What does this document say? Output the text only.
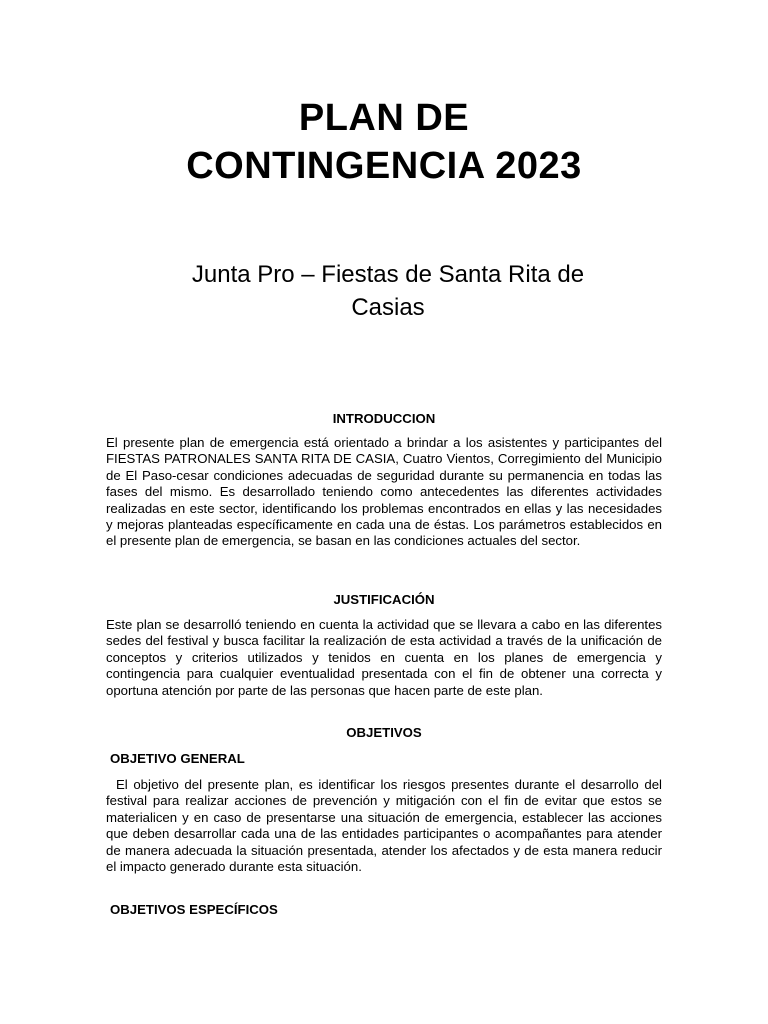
PLAN DE
CONTINGENCIA 2023
Junta Pro – Fiestas de Santa Rita de
Casias
INTRODUCCION

El presente plan de emergencia está orientado a brindar a los asistentes y participantes del FIESTAS PATRONALES SANTA RITA DE CASIA, Cuatro Vientos, Corregimiento del Municipio de El Paso-cesar condiciones adecuadas de seguridad durante su permanencia en todas las fases del mismo. Es desarrollado teniendo como antecedentes las diferentes actividades realizadas en este sector, identificando los problemas encontrados en ellas y las necesidades y mejoras planteadas específicamente en cada una de éstas. Los parámetros establecidos en el presente plan de emergencia, se basan en las condiciones actuales del sector.

JUSTIFICACIÓN

Este plan se desarrolló teniendo en cuenta la actividad que se llevara a cabo en las diferentes sedes del festival y busca facilitar la realización de esta actividad a través de la unificación de conceptos y criterios utilizados y tenidos en cuenta en los planes de emergencia y contingencia para cualquier eventualidad presentada con el fin de obtener una correcta y oportuna atención por parte de las personas que hacen parte de este plan.

OBJETIVOS
OBJETIVO GENERAL

El objetivo del presente plan, es identificar los riesgos presentes durante el desarrollo del festival para realizar acciones de prevención y mitigación con el fin de evitar que estos se materialicen y en caso de presentarse una situación de emergencia, establecer las acciones que deben desarrollar cada una de las entidades participantes o acompañantes para atender de manera adecuada la situación presentada, atender los afectados y de esta manera reducir el impacto generado durante esta situación.

OBJETIVOS ESPECÍFICOS
